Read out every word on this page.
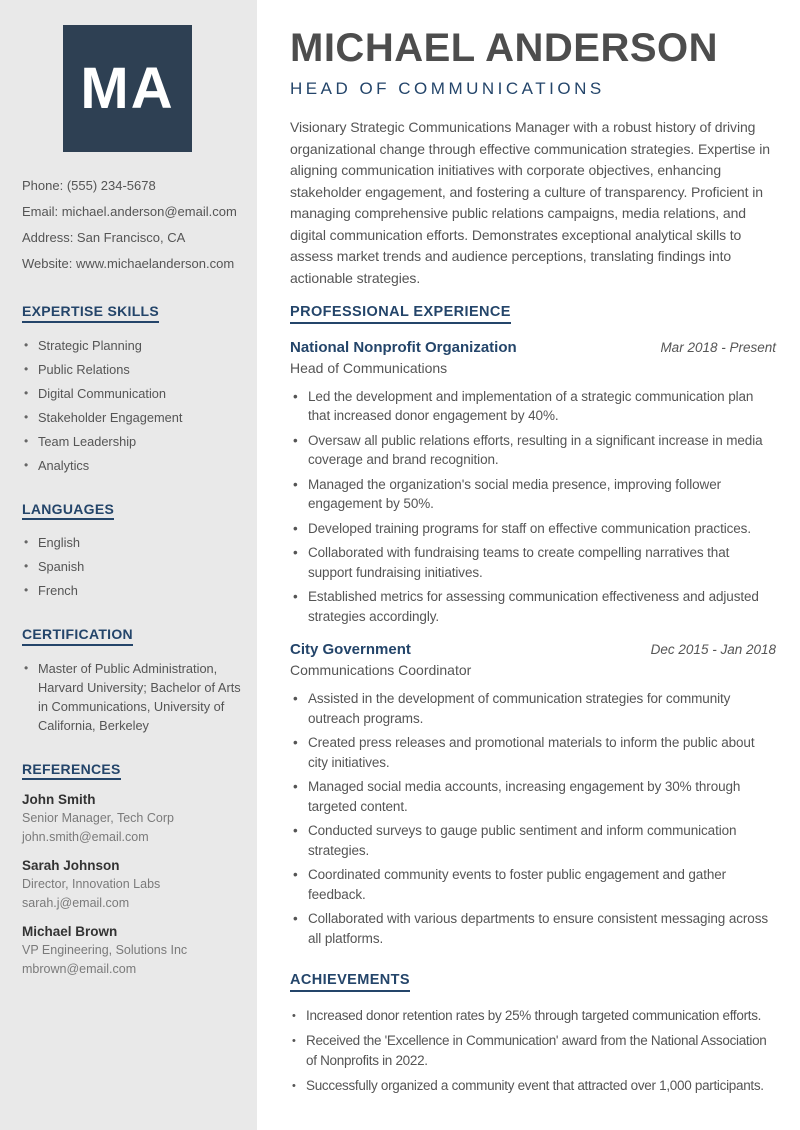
MA
Phone: (555) 234-5678
Email: michael.anderson@email.com
Address: San Francisco, CA
Website: www.michaelanderson.com
EXPERTISE SKILLS
• Strategic Planning
• Public Relations
• Digital Communication
• Stakeholder Engagement
• Team Leadership
• Analytics
LANGUAGES
• English
• Spanish
• French
CERTIFICATION
• Master of Public Administration, Harvard University; Bachelor of Arts in Communications, University of California, Berkeley
REFERENCES
John Smith
Senior Manager, Tech Corp
john.smith@email.com
Sarah Johnson
Director, Innovation Labs
sarah.j@email.com
Michael Brown
VP Engineering, Solutions Inc
mbrown@email.com
MICHAEL ANDERSON
HEAD OF COMMUNICATIONS

Visionary Strategic Communications Manager with a robust history of driving organizational change through effective communication strategies. Expertise in aligning communication initiatives with corporate objectives, enhancing stakeholder engagement, and fostering a culture of transparency. Proficient in managing comprehensive public relations campaigns, media relations, and digital communication efforts. Demonstrates exceptional analytical skills to assess market trends and audience perceptions, translating findings into actionable strategies.

PROFESSIONAL EXPERIENCE
National Nonprofit Organization	Mar 2018 - Present
Head of Communications
• Led the development and implementation of a strategic communication plan that increased donor engagement by 40%.
• Oversaw all public relations efforts, resulting in a significant increase in media coverage and brand recognition.
• Managed the organization's social media presence, improving follower engagement by 50%.
• Developed training programs for staff on effective communication practices.
• Collaborated with fundraising teams to create compelling narratives that support fundraising initiatives.
• Established metrics for assessing communication effectiveness and adjusted strategies accordingly.
City Government	Dec 2015 - Jan 2018
Communications Coordinator
• Assisted in the development of communication strategies for community outreach programs.
• Created press releases and promotional materials to inform the public about city initiatives.
• Managed social media accounts, increasing engagement by 30% through targeted content.
• Conducted surveys to gauge public sentiment and inform communication strategies.
• Coordinated community events to foster public engagement and gather feedback.
• Collaborated with various departments to ensure consistent messaging across all platforms.
ACHIEVEMENTS
• Increased donor retention rates by 25% through targeted communication efforts.
• Received the 'Excellence in Communication' award from the National Association of Nonprofits in 2022.
• Successfully organized a community event that attracted over 1,000 participants.
